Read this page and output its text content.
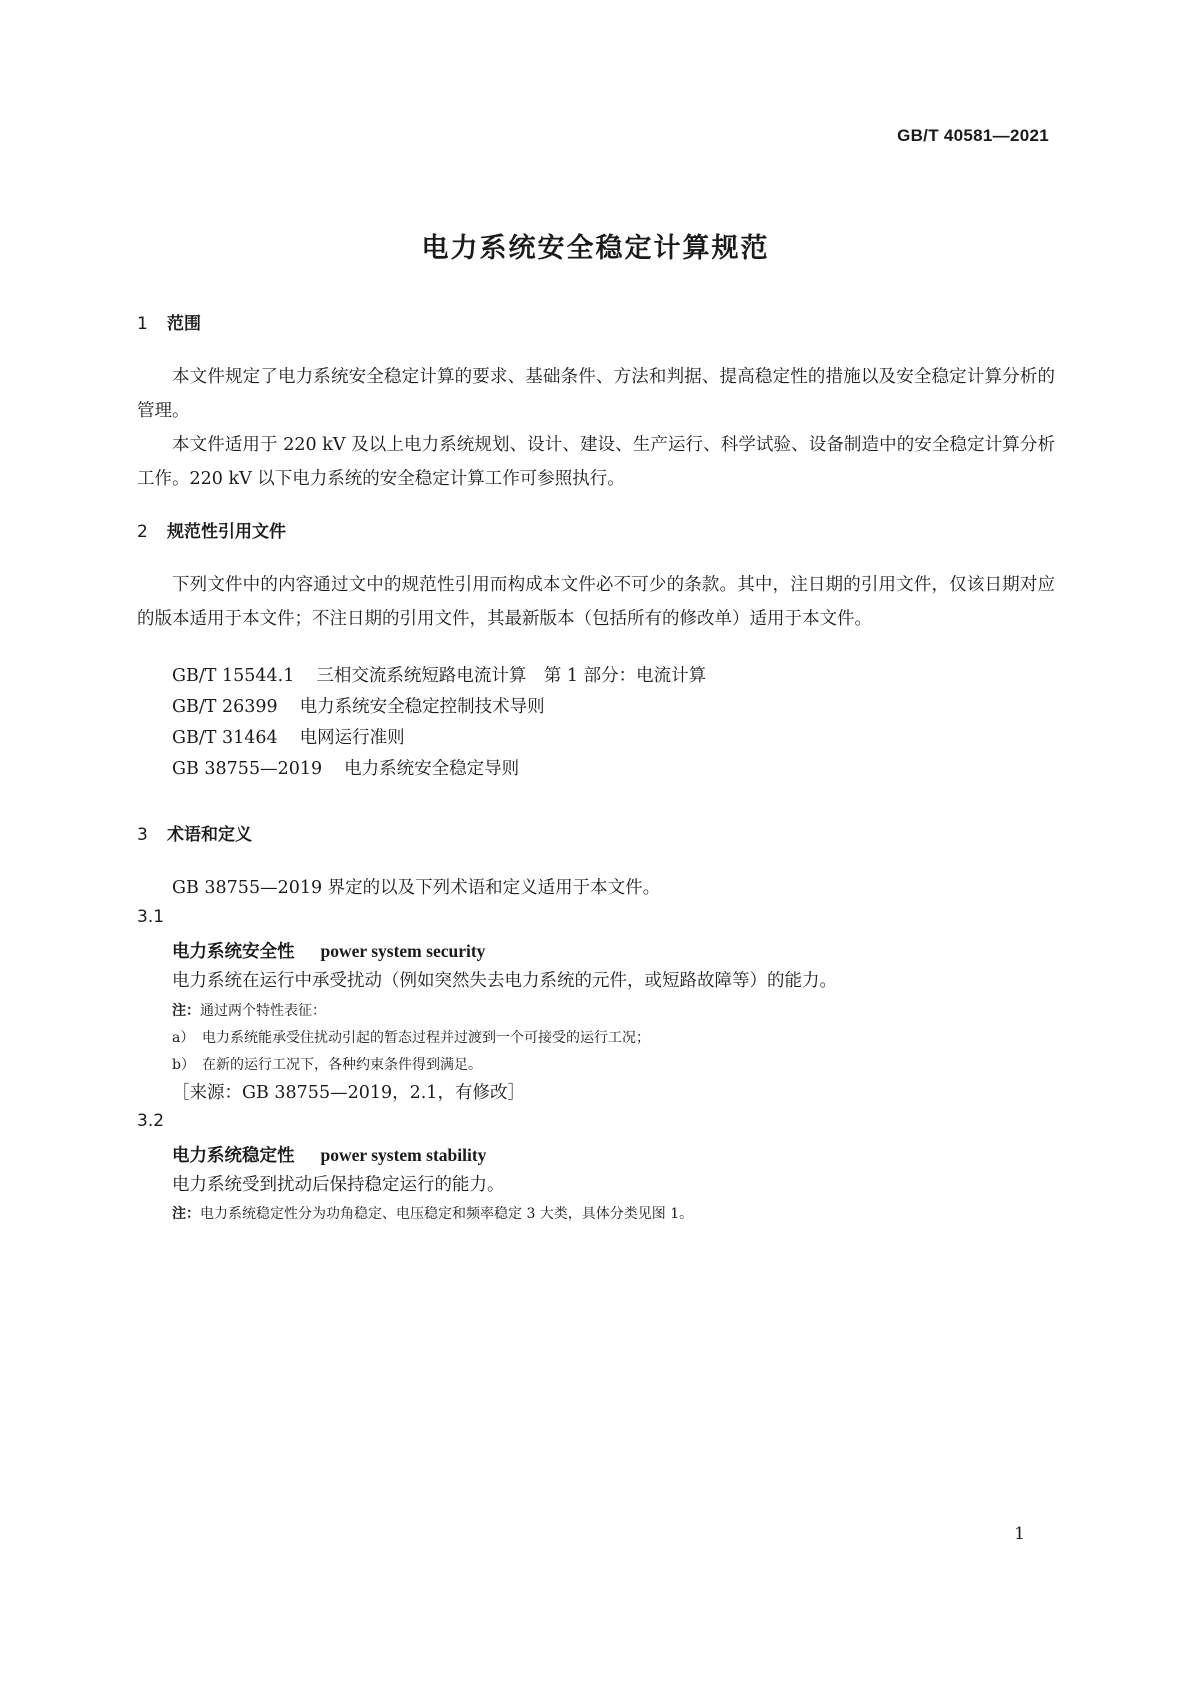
GB/T 40581—2021
电力系统安全稳定计算规范
1 范围

本文件规定了电力系统安全稳定计算的要求、基础条件、方法和判据、提高稳定性的措施以及安全稳定计算分析的管理。

本文件适用于 220 kV 及以上电力系统规划、设计、建设、生产运行、科学试验、设备制造中的安全稳定计算分析工作。220 kV 以下电力系统的安全稳定计算工作可参照执行。

2 规范性引用文件

下列文件中的内容通过文中的规范性引用而构成本文件必不可少的条款。其中，注日期的引用文件，仅该日期对应的版本适用于本文件；不注日期的引用文件，其最新版本（包括所有的修改单）适用于本文件。

GB/T 15544.1 三相交流系统短路电流计算　第 1 部分：电流计算
GB/T 26399 电力系统安全稳定控制技术导则
GB/T 31464 电网运行准则
GB 38755—2019 电力系统安全稳定导则
3 术语和定义
GB 38755—2019 界定的以及下列术语和定义适用于本文件。
3.1
电力系统安全性 power system security
电力系统在运行中承受扰动（例如突然失去电力系统的元件，或短路故障等）的能力。
注：通过两个特性表征：
a） 电力系统能承受住扰动引起的暂态过程并过渡到一个可接受的运行工况；
b） 在新的运行工况下，各种约束条件得到满足。
［来源：GB 38755—2019，2.1，有修改］
3.2
电力系统稳定性 power system stability
电力系统受到扰动后保持稳定运行的能力。
注：电力系统稳定性分为功角稳定、电压稳定和频率稳定 3 大类，具体分类见图 1。
1
